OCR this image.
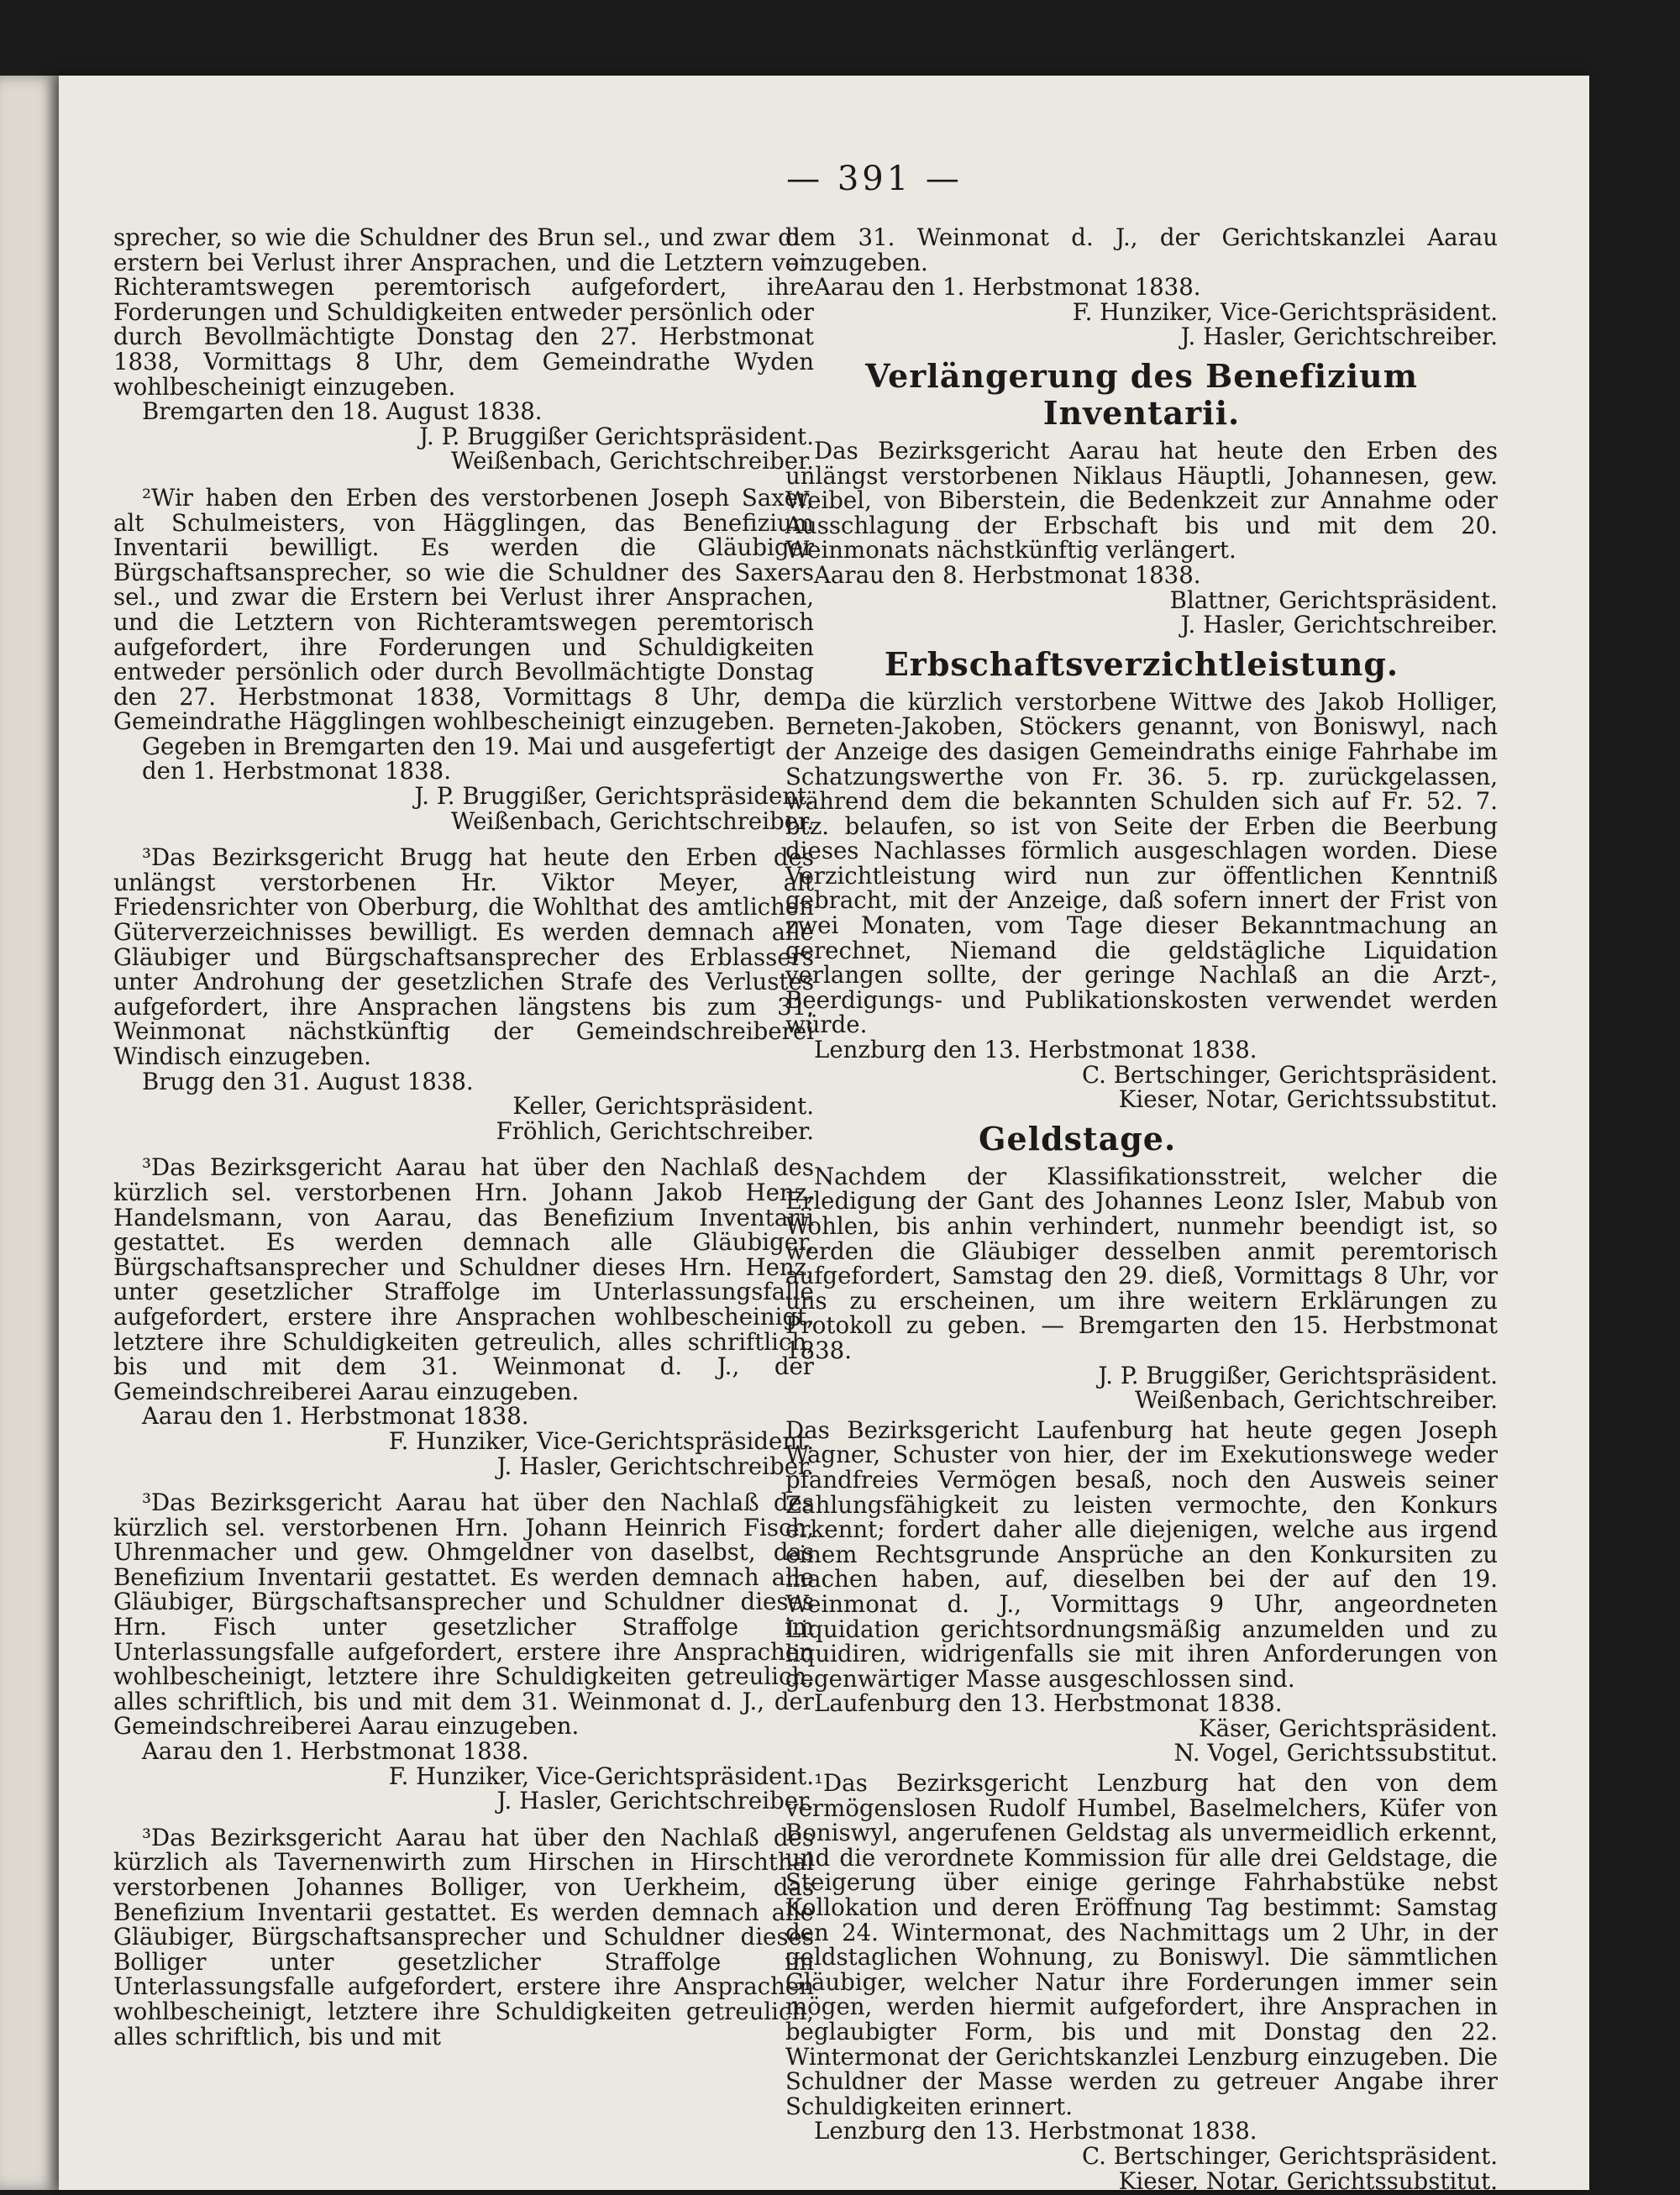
— 391 —
sprecher, so wie die Schuldner des Brun sel., und zwar die erstern bei Verlust ihrer Ansprachen, und die Letztern von Richteramtswegen peremtorisch aufgefordert, ihre Forderungen und Schuldigkeiten entweder persönlich oder durch Bevollmächtigte Donstag den 27. Herbstmonat 1838, Vormittags 8 Uhr, dem Gemeindrathe Wyden wohlbescheinigt einzugeben.
Bremgarten den 18. August 1838.
J. P. Bruggißer Gerichtspräsident.
Weißenbach, Gerichtschreiber.
²Wir haben den Erben des verstorbenen Joseph Saxer, alt Schulmeisters, von Hägglingen, das Benefizium Inventarii bewilligt. Es werden die Gläubiger Bürgschaftsansprecher, so wie die Schuldner des Saxers sel., und zwar die Erstern bei Verlust ihrer Ansprachen, und die Letztern von Richteramtswegen peremtorisch aufgefordert, ihre Forderungen und Schuldigkeiten entweder persönlich oder durch Bevollmächtigte Donstag den 27. Herbstmonat 1838, Vormittags 8 Uhr, dem Gemeindrathe Hägglingen wohlbescheinigt einzugeben.
Gegeben in Bremgarten den 19. Mai und ausgefertigt den 1. Herbstmonat 1838.
J. P. Bruggißer, Gerichtspräsident.
Weißenbach, Gerichtschreiber.
³Das Bezirksgericht Brugg hat heute den Erben des unlängst verstorbenen Hr. Viktor Meyer, alt Friedensrichter von Oberburg, die Wohlthat des amtlichen Güterverzeichnisses bewilligt. Es werden demnach alle Gläubiger und Bürgschaftsansprecher des Erblassers unter Androhung der gesetzlichen Strafe des Verlustes aufgefordert, ihre Ansprachen längstens bis zum 31. Weinmonat nächstkünftig der Gemeindschreiberei Windisch einzugeben.
Brugg den 31. August 1838.
Keller, Gerichtspräsident.
Fröhlich, Gerichtschreiber.
³Das Bezirksgericht Aarau hat über den Nachlaß des kürzlich sel. verstorbenen Hrn. Johann Jakob Henz, Handelsmann, von Aarau, das Benefizium Inventarii gestattet. Es werden demnach alle Gläubiger, Bürgschaftsansprecher und Schuldner dieses Hrn. Henz, unter gesetzlicher Straffolge im Unterlassungsfalle aufgefordert, erstere ihre Ansprachen wohlbescheinigt, letztere ihre Schuldigkeiten getreulich, alles schriftlich, bis und mit dem 31. Weinmonat d. J., der Gemeindschreiberei Aarau einzugeben.
Aarau den 1. Herbstmonat 1838.
F. Hunziker, Vice-Gerichtspräsident.
J. Hasler, Gerichtschreiber.
³Das Bezirksgericht Aarau hat über den Nachlaß des kürzlich sel. verstorbenen Hrn. Johann Heinrich Fisch, Uhrenmacher und gew. Ohmgeldner von daselbst, das Benefizium Inventarii gestattet. Es werden demnach alle Gläubiger, Bürgschaftsansprecher und Schuldner dieses Hrn. Fisch unter gesetzlicher Straffolge im Unterlassungsfalle aufgefordert, erstere ihre Ansprachen wohlbescheinigt, letztere ihre Schuldigkeiten getreulich, alles schriftlich, bis und mit dem 31. Weinmonat d. J., der Gemeindschreiberei Aarau einzugeben.
Aarau den 1. Herbstmonat 1838.
F. Hunziker, Vice-Gerichtspräsident.
J. Hasler, Gerichtschreiber.
³Das Bezirksgericht Aarau hat über den Nachlaß des kürzlich als Tavernenwirth zum Hirschen in Hirschthal verstorbenen Johannes Bolliger, von Uerkheim, das Benefizium Inventarii gestattet. Es werden demnach alle Gläubiger, Bürgschaftsansprecher und Schuldner dieses Bolliger unter gesetzlicher Straffolge im Unterlassungsfalle aufgefordert, erstere ihre Ansprachen wohlbescheinigt, letztere ihre Schuldigkeiten getreulich, alles schriftlich, bis und mit
dem 31. Weinmonat d. J., der Gerichtskanzlei Aarau einzugeben.
Aarau den 1. Herbstmonat 1838.
F. Hunziker, Vice-Gerichtspräsident.
J. Hasler, Gerichtschreiber.
Verlängerung des Benefizium Inventarii.
Das Bezirksgericht Aarau hat heute den Erben des unlängst verstorbenen Niklaus Häuptli, Johannesen, gew. Weibel, von Biberstein, die Bedenkzeit zur Annahme oder Ausschlagung der Erbschaft bis und mit dem 20. Weinmonats nächstkünftig verlängert.
Aarau den 8. Herbstmonat 1838.
Blattner, Gerichtspräsident.
J. Hasler, Gerichtschreiber.
Erbschaftsverzichtleistung.
Da die kürzlich verstorbene Wittwe des Jakob Holliger, Berneten-Jakoben, Stöckers genannt, von Boniswyl, nach der Anzeige des dasigen Gemeindraths einige Fahrhabe im Schatzungswerthe von Fr. 36. 5. rp. zurückgelassen, während dem die bekannten Schulden sich auf Fr. 52. 7. btz. belaufen, so ist von Seite der Erben die Beerbung dieses Nachlasses förmlich ausgeschlagen worden. Diese Verzichtleistung wird nun zur öffentlichen Kenntniß gebracht, mit der Anzeige, daß sofern innert der Frist von zwei Monaten, vom Tage dieser Bekanntmachung an gerechnet, Niemand die geldstägliche Liquidation verlangen sollte, der geringe Nachlaß an die Arzt-, Beerdigungs- und Publikationskosten verwendet werden würde.
Lenzburg den 13. Herbstmonat 1838.
C. Bertschinger, Gerichtspräsident.
Kieser, Notar, Gerichtssubstitut.
Geldstage.
Nachdem der Klassifikationsstreit, welcher die Erledigung der Gant des Johannes Leonz Isler, Mabub von Wohlen, bis anhin verhindert, nunmehr beendigt ist, so werden die Gläubiger desselben anmit peremtorisch aufgefordert, Samstag den 29. dieß, Vormittags 8 Uhr, vor uns zu erscheinen, um ihre weitern Erklärungen zu Protokoll zu geben. — Bremgarten den 15. Herbstmonat 1838.
J. P. Bruggißer, Gerichtspräsident.
Weißenbach, Gerichtschreiber.
Das Bezirksgericht Laufenburg hat heute gegen Joseph Wagner, Schuster von hier, der im Exekutionswege weder pfandfreies Vermögen besaß, noch den Ausweis seiner Zahlungsfähigkeit zu leisten vermochte, den Konkurs erkennt; fordert daher alle diejenigen, welche aus irgend einem Rechtsgrunde Ansprüche an den Konkursiten zu machen haben, auf, dieselben bei der auf den 19. Weinmonat d. J., Vormittags 9 Uhr, angeordneten Liquidation gerichtsordnungsmäßig anzumelden und zu liquidiren, widrigenfalls sie mit ihren Anforderungen von gegenwärtiger Masse ausgeschlossen sind.
Laufenburg den 13. Herbstmonat 1838.
Käser, Gerichtspräsident.
N. Vogel, Gerichtssubstitut.
¹Das Bezirksgericht Lenzburg hat den von dem vermögenslosen Rudolf Humbel, Baselmelchers, Küfer von Boniswyl, angerufenen Geldstag als unvermeidlich erkennt, und die verordnete Kommission für alle drei Geldstage, die Steigerung über einige geringe Fahrhabstüke nebst Kollokation und deren Eröffnung Tag bestimmt: Samstag den 24. Wintermonat, des Nachmittags um 2 Uhr, in der geldstaglichen Wohnung, zu Boniswyl. Die sämmtlichen Gläubiger, welcher Natur ihre Forderungen immer sein mögen, werden hiermit aufgefordert, ihre Ansprachen in beglaubigter Form, bis und mit Donstag den 22. Wintermonat der Gerichtskanzlei Lenzburg einzugeben. Die Schuldner der Masse werden zu getreuer Angabe ihrer Schuldigkeiten erinnert.
Lenzburg den 13. Herbstmonat 1838.
C. Bertschinger, Gerichtspräsident.
Kieser, Notar, Gerichtssubstitut.
